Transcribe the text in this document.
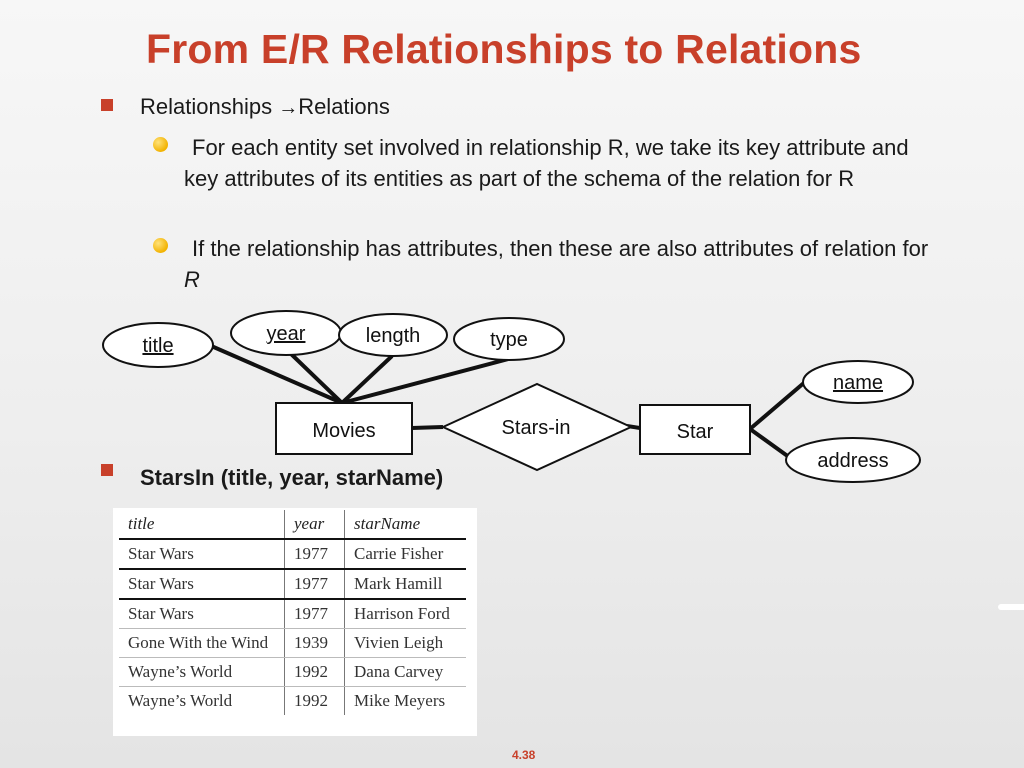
From E/R Relationships to Relations
Relationships →Relations
For each entity set involved in relationship R, we take its key attribute and key attributes of its entities as part of the schema of the relation for R
If the relationship has attributes, then these are also attributes of relation for R
title
year	length	type
Movies	Stars-in	Star
name
address
StarsIn (title, year, starName)
title	year	starName
Star Wars	1977	Carrie Fisher
Star Wars	1977	Mark Hamill
Star Wars	1977	Harrison Ford
Gone With the Wind	1939	Vivien Leigh
Wayne’s World	1992	Dana Carvey
Wayne’s World	1992	Mike Meyers
4.38
